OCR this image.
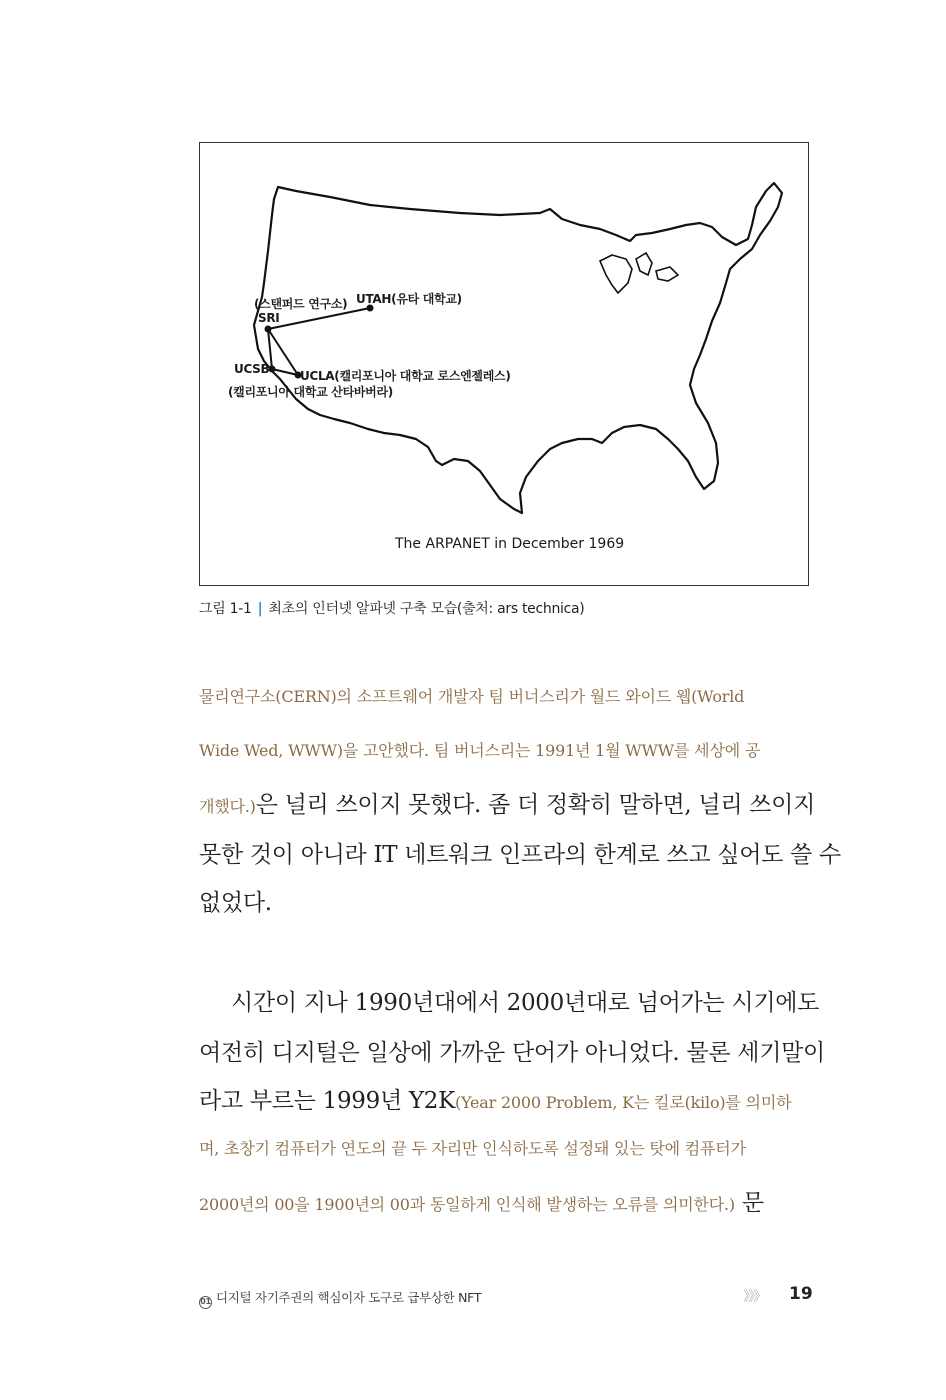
(스탠퍼드 연구소)
SRI
UTAH(유타 대학교)
UCSB	UCLA(캘리포니아 대학교 로스엔젤레스)
(캘리포니아 대학교 산타바버라)
The ARPANET in December 1969
그림 1-1 | 최초의 인터넷 알파넷 구축 모습(출처: ars technica)
물리연구소(CERN)의 소프트웨어 개발자 팀 버너스리가 월드 와이드 웹(World
Wide Wed, WWW)을 고안했다. 팀 버너스리는 1991년 1월 WWW를 세상에 공
개했다.)은 널리 쓰이지 못했다. 좀 더 정확히 말하면, 널리 쓰이지
못한 것이 아니라 IT 네트워크 인프라의 한계로 쓰고 싶어도 쓸 수
없었다.
시간이 지나 1990년대에서 2000년대로 넘어가는 시기에도
여전히 디지털은 일상에 가까운 단어가 아니었다. 물론 세기말이
라고 부르는 1999년 Y2K(Year 2000 Problem, K는 킬로(kilo)를 의미하
며, 초창기 컴퓨터가 연도의 끝 두 자리만 인식하도록 설정돼 있는 탓에 컴퓨터가
2000년의 00을 1900년의 00과 동일하게 인식해 발생하는 오류를 의미한다.) 문
01 디지털 자기주권의 핵심이자 도구로 급부상한 NFT	》》》 19
